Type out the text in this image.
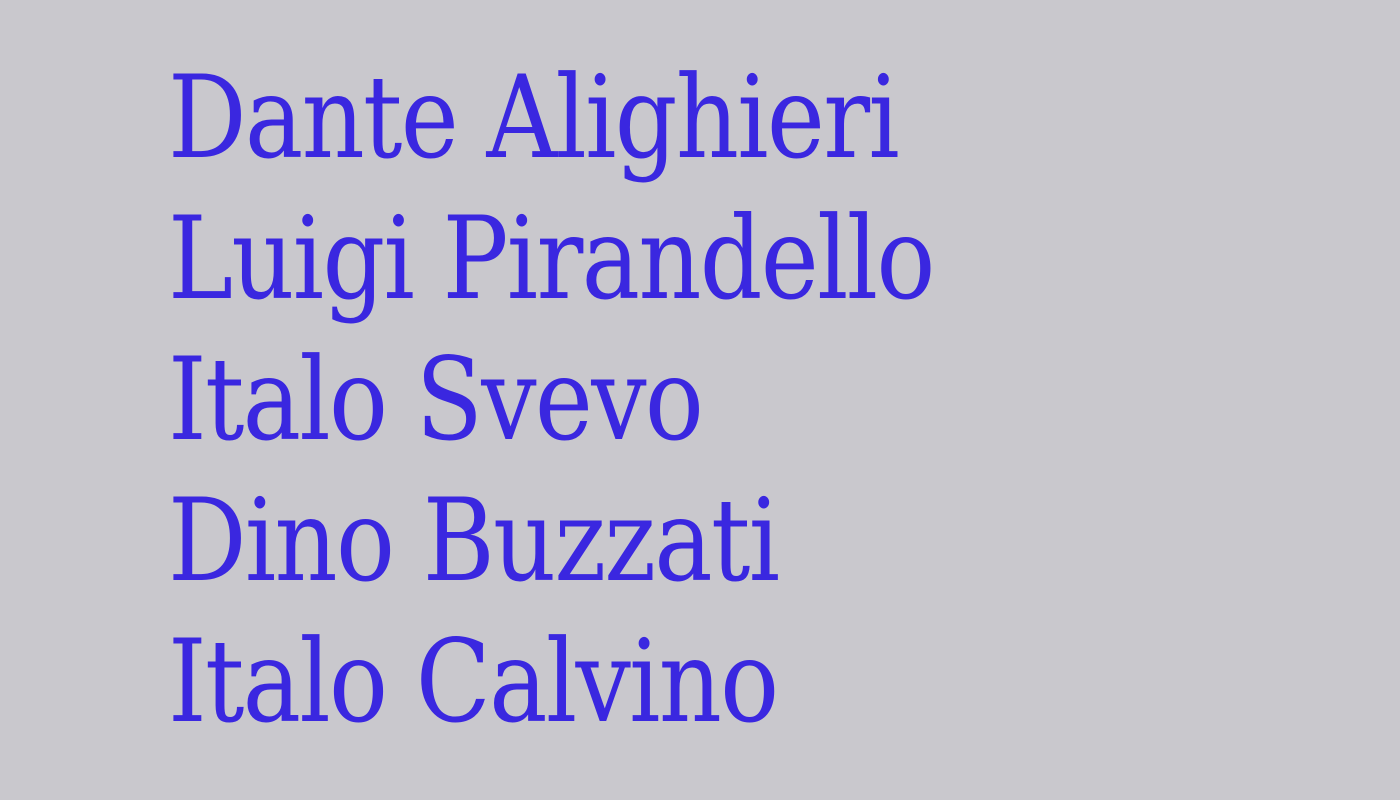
Dante Alighieri
Luigi Pirandello
Italo Svevo
Dino Buzzati
Italo Calvino
